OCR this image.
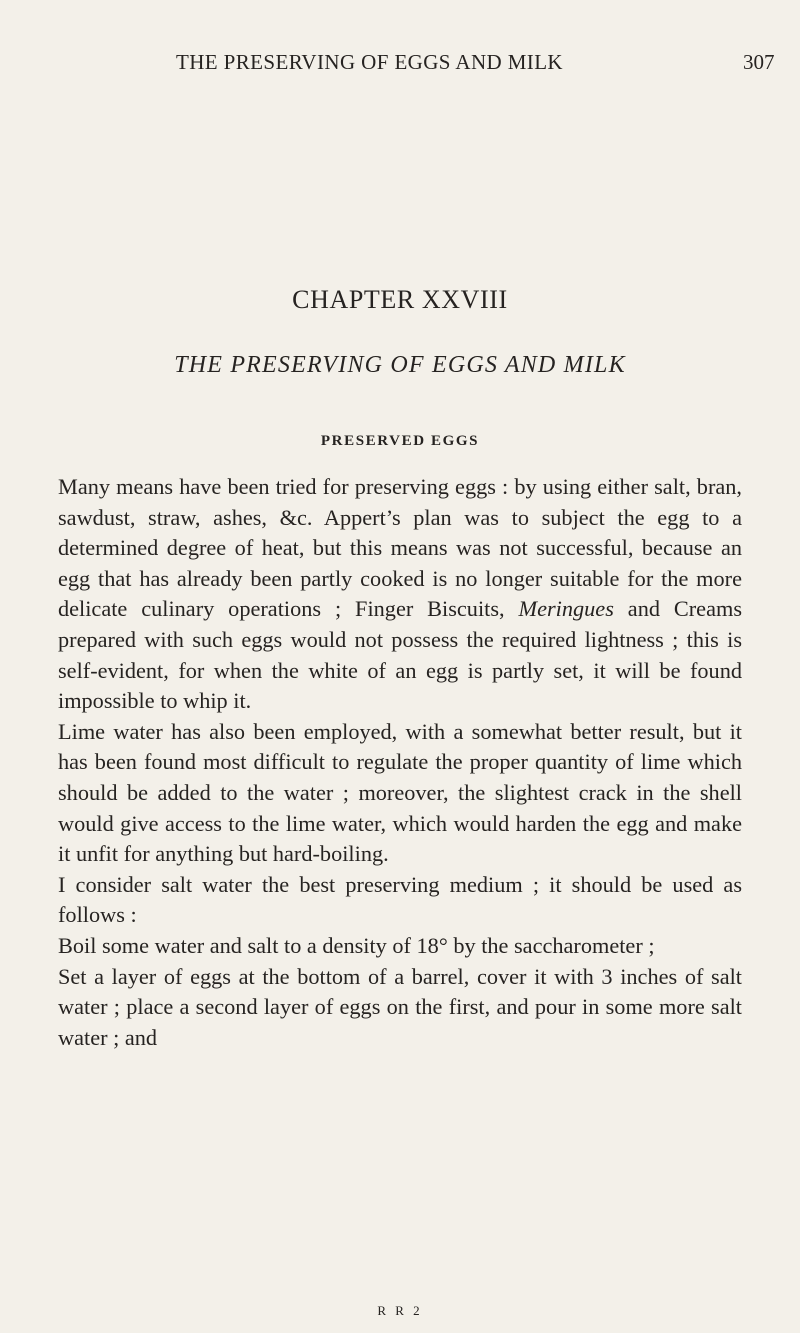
THE PRESERVING OF EGGS AND MILK	307
CHAPTER XXVIII
THE PRESERVING OF EGGS AND MILK
PRESERVED EGGS

Many means have been tried for preserving eggs : by using either salt, bran, sawdust, straw, ashes, &c. Appert’s plan was to subject the egg to a determined degree of heat, but this means was not successful, because an egg that has already been partly cooked is no longer suitable for the more delicate culinary operations ; Finger Biscuits, Meringues and Creams prepared with such eggs would not possess the required lightness ; this is self-evident, for when the white of an egg is partly set, it will be found impossible to whip it.

Lime water has also been employed, with a somewhat better result, but it has been found most difficult to regulate the proper quantity of lime which should be added to the water ; moreover, the slightest crack in the shell would give access to the lime water, which would harden the egg and make it unfit for anything but hard-boiling.

I consider salt water the best preserving medium ; it should be used as follows :

Boil some water and salt to a density of 18° by the saccharometer ;

Set a layer of eggs at the bottom of a barrel, cover it with 3 inches of salt water ; place a second layer of eggs on the first, and pour in some more salt water ; and

R R 2
